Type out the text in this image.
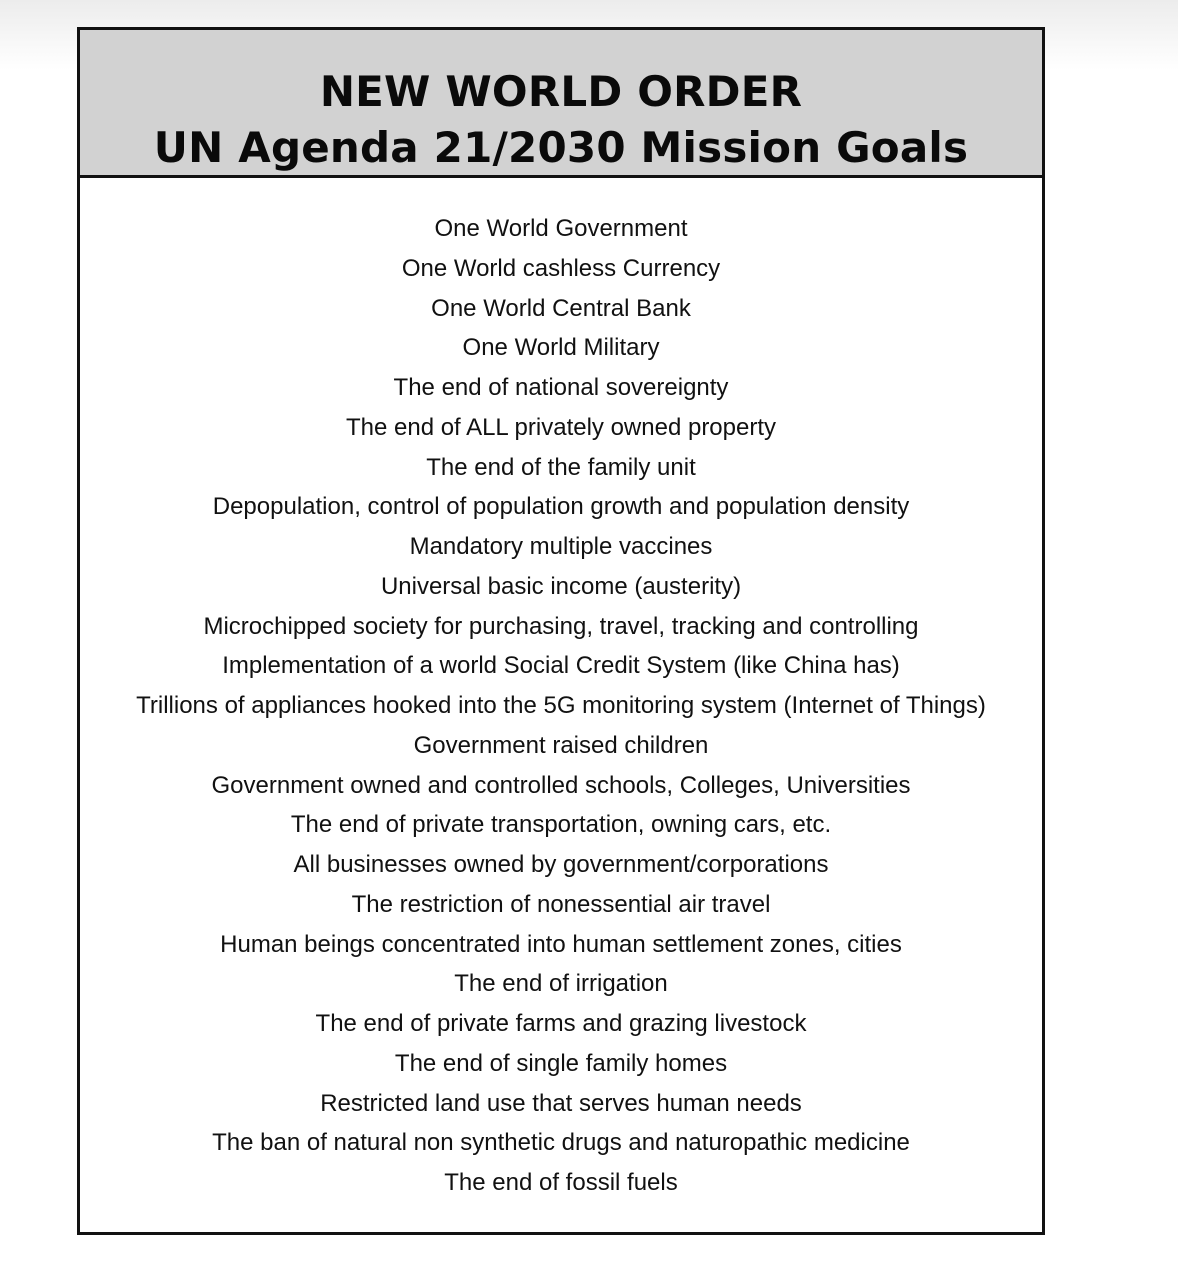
NEW WORLD ORDER
UN Agenda 21/2030 Mission Goals
One World Government
One World cashless Currency
One World Central Bank
One World Military
The end of national sovereignty
The end of ALL privately owned property
The end of the family unit
Depopulation, control of population growth and population density
Mandatory multiple vaccines
Universal basic income (austerity)
Microchipped society for purchasing, travel, tracking and controlling
Implementation of a world Social Credit System (like China has)
Trillions of appliances hooked into the 5G monitoring system (Internet of Things)
Government raised children
Government owned and controlled schools, Colleges, Universities
The end of private transportation, owning cars, etc.
All businesses owned by government/corporations
The restriction of nonessential air travel
Human beings concentrated into human settlement zones, cities
The end of irrigation
The end of private farms and grazing livestock
The end of single family homes
Restricted land use that serves human needs
The ban of natural non synthetic drugs and naturopathic medicine
The end of fossil fuels
